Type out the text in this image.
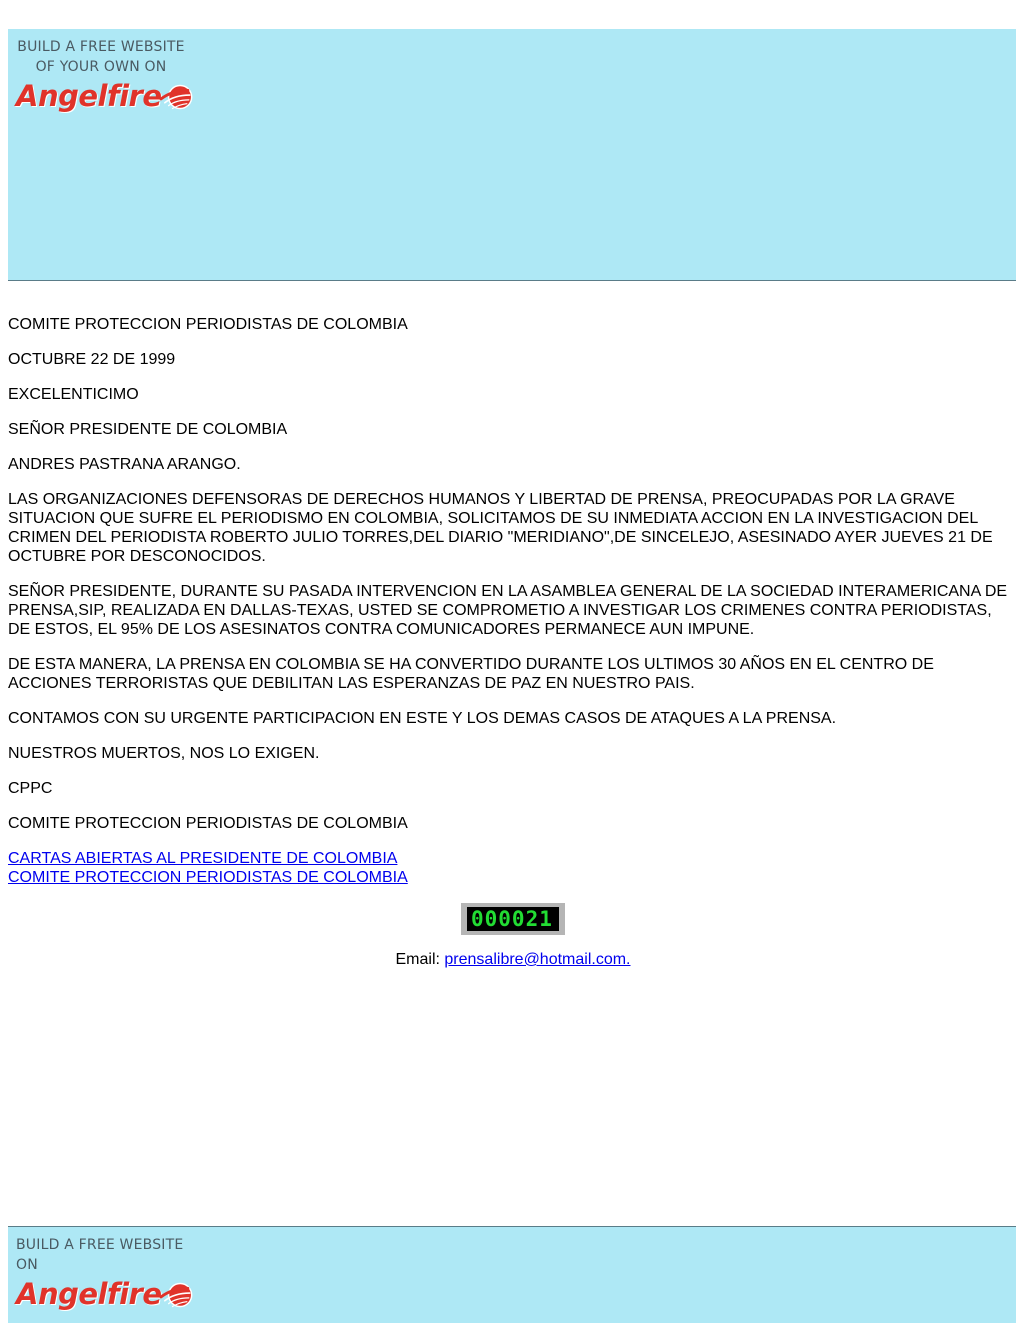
BUILD A FREE WEBSITE
OF YOUR OWN ON
Angelfire

COMITE PROTECCION PERIODISTAS DE COLOMBIA

OCTUBRE 22 DE 1999

EXCELENTICIMO

SEÑOR PRESIDENTE DE COLOMBIA

ANDRES PASTRANA ARANGO.

LAS ORGANIZACIONES DEFENSORAS DE DERECHOS HUMANOS Y LIBERTAD DE PRENSA, PREOCUPADAS POR LA GRAVE SITUACION QUE SUFRE EL PERIODISMO EN COLOMBIA, SOLICITAMOS DE SU INMEDIATA ACCION EN LA INVESTIGACION DEL CRIMEN DEL PERIODISTA ROBERTO JULIO TORRES,DEL DIARIO "MERIDIANO",DE SINCELEJO, ASESINADO AYER JUEVES 21 DE OCTUBRE POR DESCONOCIDOS.

SEÑOR PRESIDENTE, DURANTE SU PASADA INTERVENCION EN LA ASAMBLEA GENERAL DE LA SOCIEDAD INTERAMERICANA DE PRENSA,SIP, REALIZADA EN DALLAS-TEXAS, USTED SE COMPROMETIO A INVESTIGAR LOS CRIMENES CONTRA PERIODISTAS, DE ESTOS, EL 95% DE LOS ASESINATOS CONTRA COMUNICADORES PERMANECE AUN IMPUNE.

DE ESTA MANERA, LA PRENSA EN COLOMBIA SE HA CONVERTIDO DURANTE LOS ULTIMOS 30 AÑOS EN EL CENTRO DE ACCIONES TERRORISTAS QUE DEBILITAN LAS ESPERANZAS DE PAZ EN NUESTRO PAIS.

CONTAMOS CON SU URGENTE PARTICIPACION EN ESTE Y LOS DEMAS CASOS DE ATAQUES A LA PRENSA.

NUESTROS MUERTOS, NOS LO EXIGEN.

CPPC

COMITE PROTECCION PERIODISTAS DE COLOMBIA

CARTAS ABIERTAS AL PRESIDENTE DE COLOMBIA
COMITE PROTECCION PERIODISTAS DE COLOMBIA
000021
Email: prensalibre@hotmail.com.
BUILD A FREE WEBSITE ON
Angelfire
